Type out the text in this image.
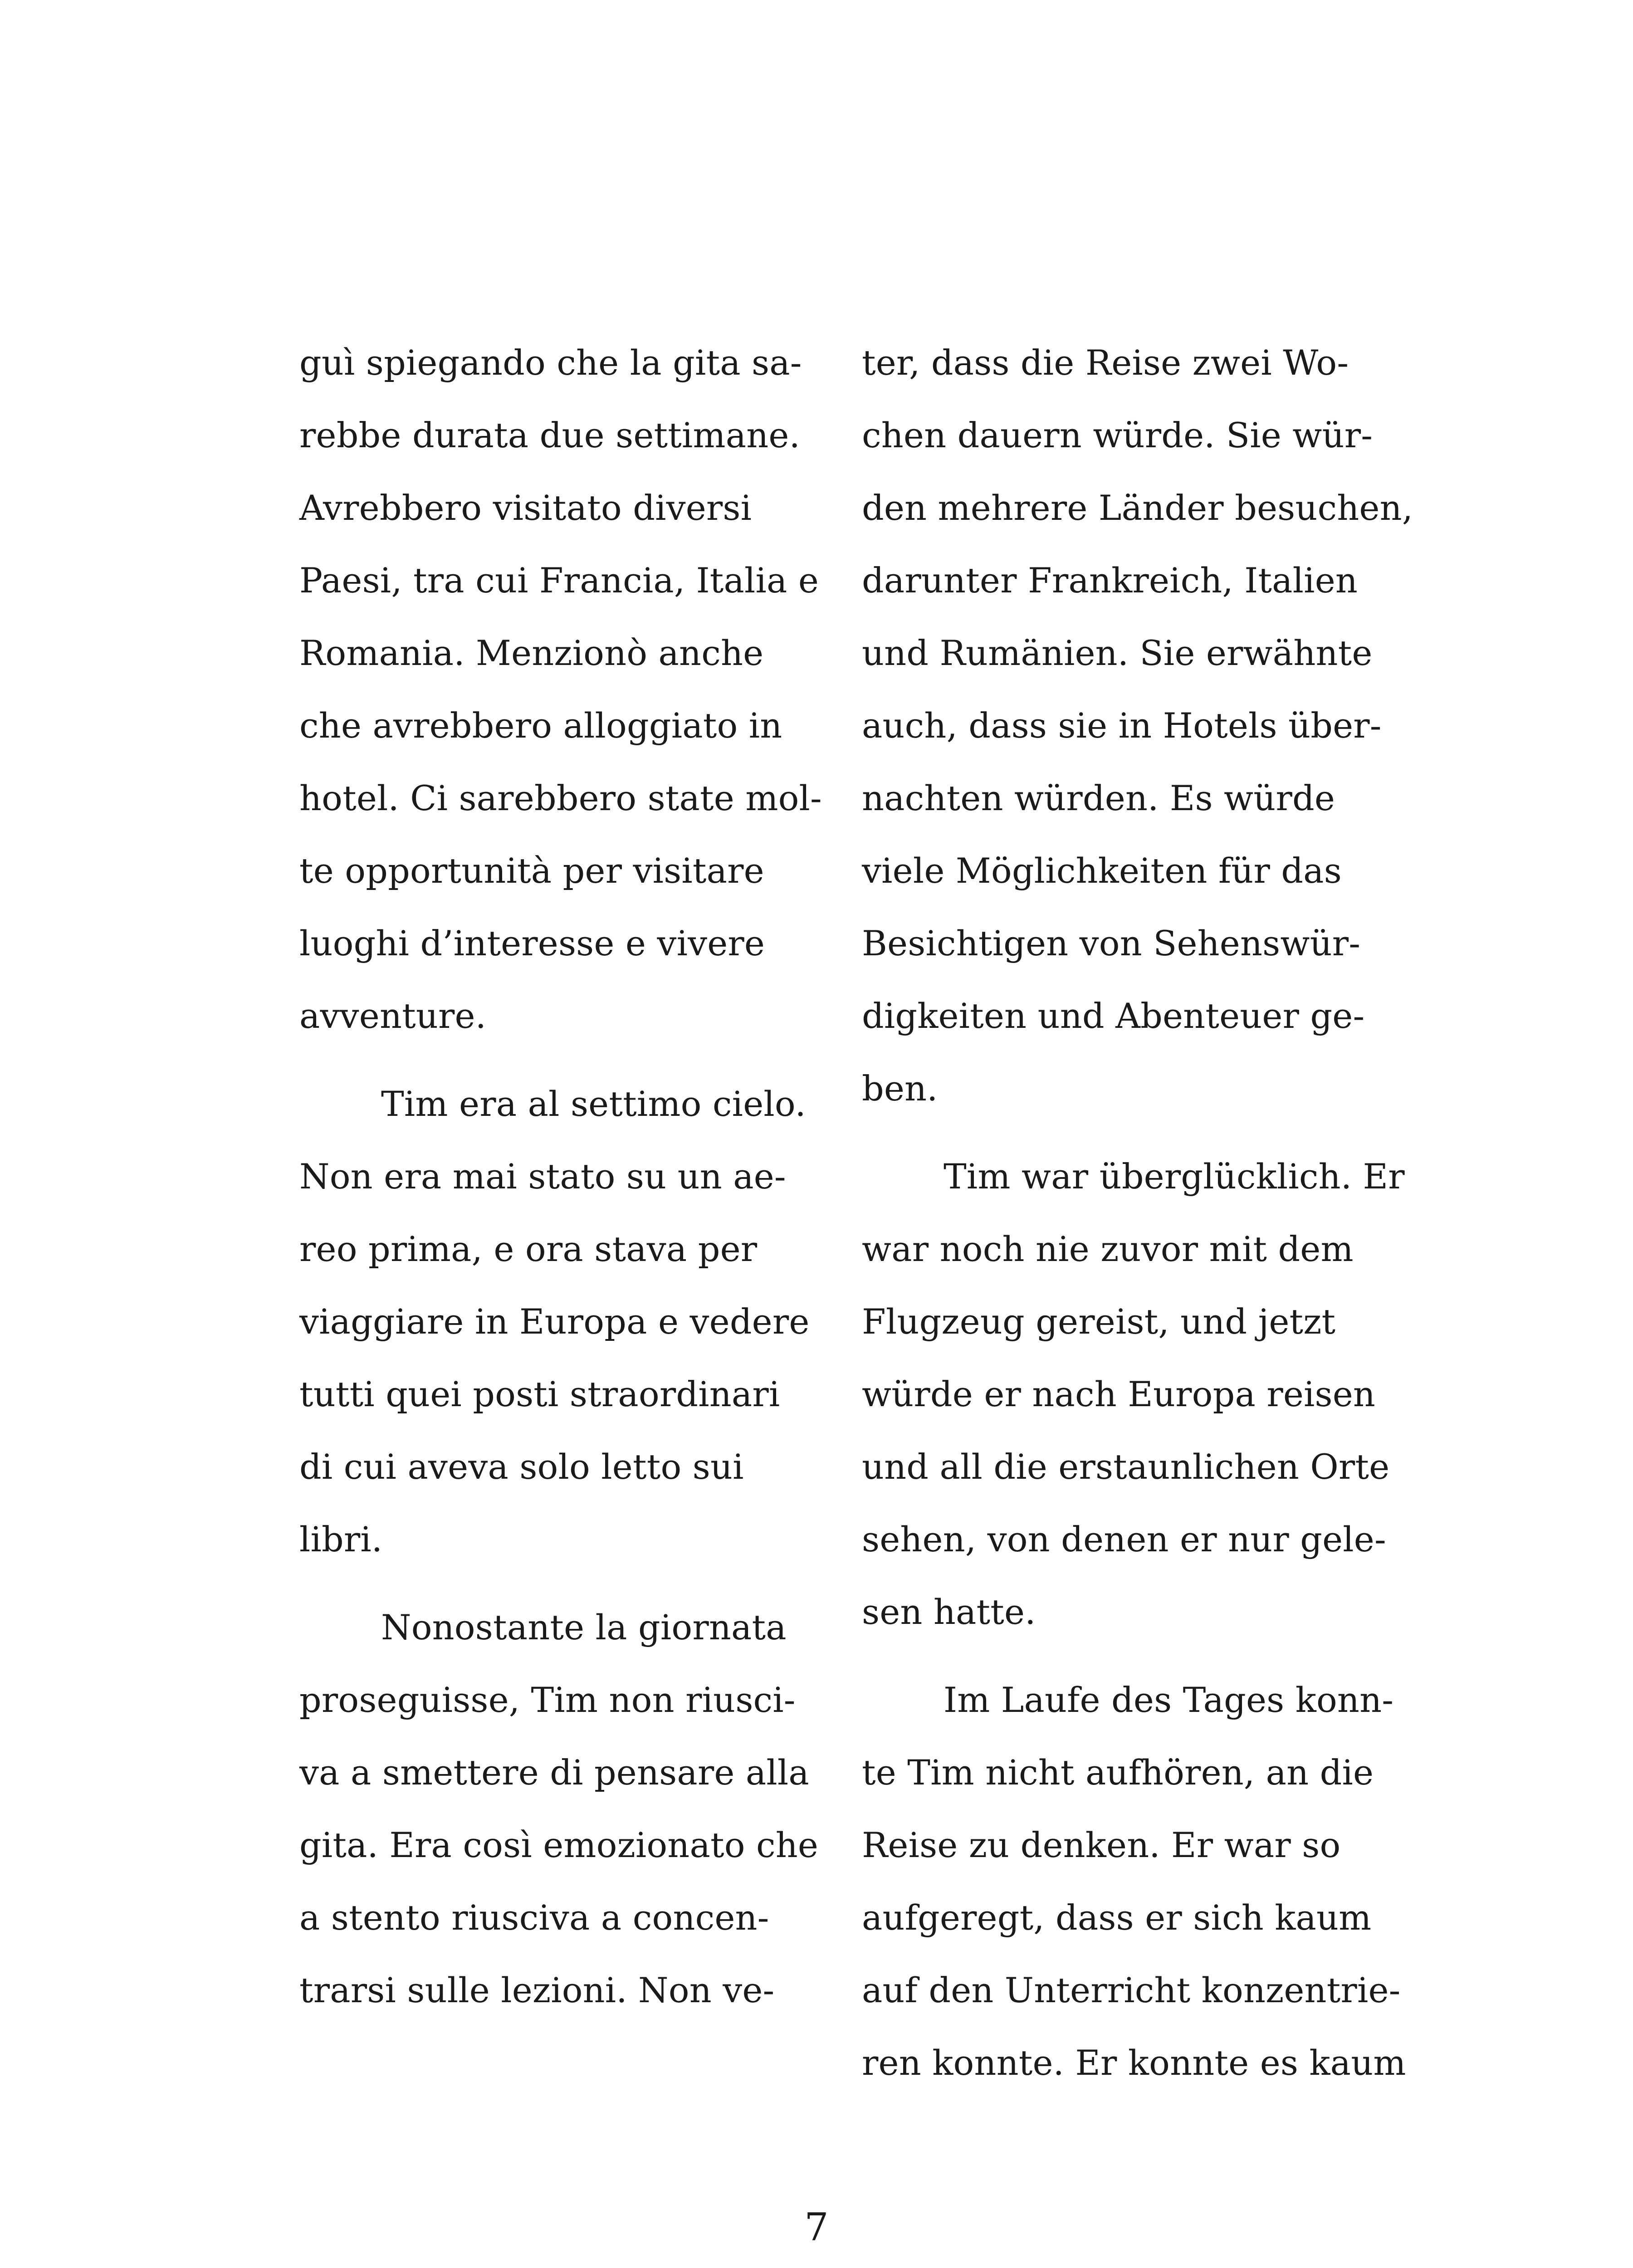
guì spiegando che la gita sa-
rebbe durata due settimane.
Avrebbero visitato diversi
Paesi, tra cui Francia, Italia e
Romania. Menzionò anche
che avrebbero alloggiato in
hotel. Ci sarebbero state mol-
te opportunità per visitare
luoghi d’interesse e vivere
avventure.
Tim era al settimo cielo.
Non era mai stato su un ae-
reo prima, e ora stava per
viaggiare in Europa e vedere
tutti quei posti straordinari
di cui aveva solo letto sui
libri.
Nonostante la giornata
proseguisse, Tim non riusci-
va a smettere di pensare alla
gita. Era così emozionato che
a stento riusciva a concen-
trarsi sulle lezioni. Non ve-
ter, dass die Reise zwei Wo-
chen dauern würde. Sie wür-
den mehrere Länder besuchen,
darunter Frankreich, Italien
und Rumänien. Sie erwähnte
auch, dass sie in Hotels über-
nachten würden. Es würde
viele Möglichkeiten für das
Besichtigen von Sehenswür-
digkeiten und Abenteuer ge-
ben.
Tim war überglücklich. Er
war noch nie zuvor mit dem
Flugzeug gereist, und jetzt
würde er nach Europa reisen
und all die erstaunlichen Orte
sehen, von denen er nur gele-
sen hatte.
Im Laufe des Tages konn-
te Tim nicht aufhören, an die
Reise zu denken. Er war so
aufgeregt, dass er sich kaum
auf den Unterricht konzentrie-
ren konnte. Er konnte es kaum
7
